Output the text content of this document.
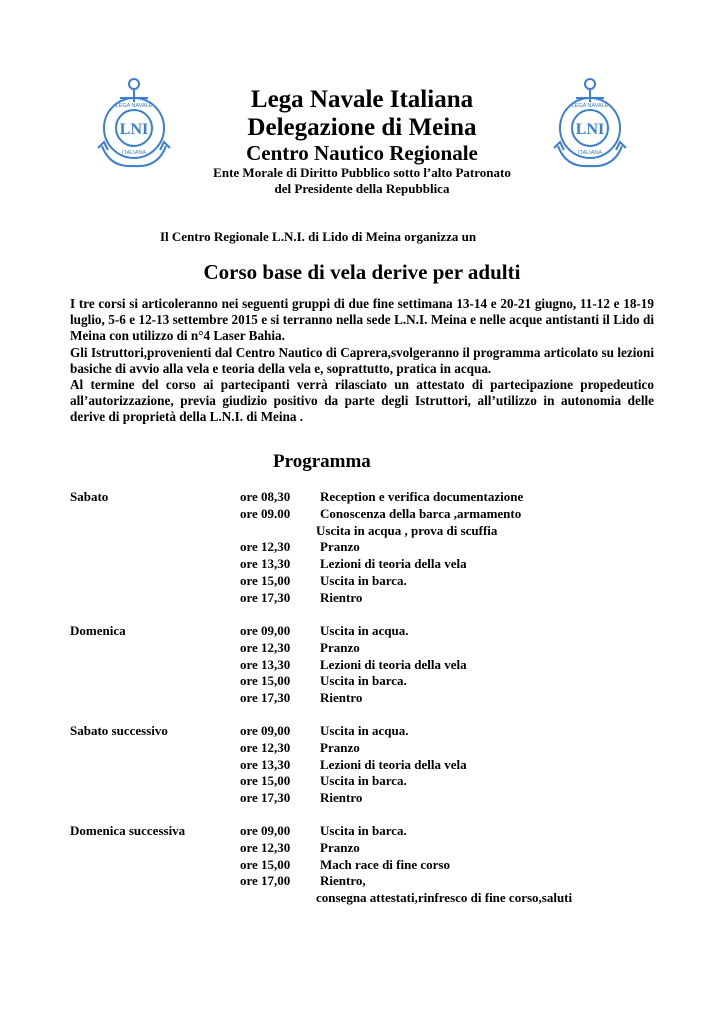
LNI
LEGA NAVALE
ITALIANA
LNI
LEGA NAVALE
ITALIANA
Lega Navale Italiana
Delegazione di Meina
Centro Nautico Regionale
Ente Morale di Diritto Pubblico sotto l’alto Patronato
del Presidente della Repubblica
Il Centro Regionale L.N.I. di Lido di Meina organizza un
Corso base di vela derive per adulti

I tre corsi si articoleranno nei seguenti gruppi di due fine settimana 13-14 e 20-21 giugno, 11-12 e 18-19 luglio, 5-6 e 12-13 settembre 2015 e si terranno nella sede L.N.I. Meina e nelle acque antistanti il Lido di Meina con utilizzo di n°4 Laser Bahia.

Gli Istruttori,provenienti dal Centro Nautico di Caprera,svolgeranno il programma articolato su lezioni basiche di avvio alla vela e teoria della vela e, soprattutto, pratica in acqua.

Al termine del corso ai partecipanti verrà rilasciato un attestato di partecipazione propedeutico all’autorizzazione, previa giudizio positivo da parte degli Istruttori, all’utilizzo in autonomia delle derive di proprietà della L.N.I. di Meina .

Programma
Sabato	ore 08,30 Reception e verifica documentazione
ore 09.00 Conoscenza della barca ,armamento
Uscita in acqua , prova di scuffia
ore 12,30 Pranzo
ore 13,30 Lezioni di teoria della vela
ore 15,00 Uscita in barca.
ore 17,30 Rientro
Domenica	ore 09,00 Uscita in acqua.
ore 12,30 Pranzo
ore 13,30 Lezioni di teoria della vela
ore 15,00 Uscita in barca.
ore 17,30 Rientro
Sabato successivo	ore 09,00 Uscita in acqua.
ore 12,30 Pranzo
ore 13,30 Lezioni di teoria della vela
ore 15,00 Uscita in barca.
ore 17,30 Rientro
Domenica successiva	ore 09,00 Uscita in barca.
ore 12,30 Pranzo
ore 15,00 Mach race di fine corso
ore 17,00 Rientro,
consegna attestati,rinfresco di fine corso,saluti
